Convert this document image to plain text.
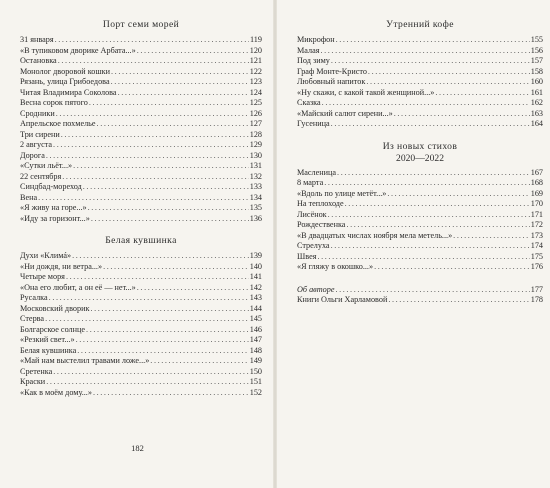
Порт семи морей
31 января .....	119
«В тупиковом дворике Арбата...» .....	120
Остановка .....	121
Монолог дворовой кошки .....	122
Рязань, улица Грибоедова .....	123
Читая Владимира Соколова .....	124
Весна сорок пятого .....	125
Сродники .....	126
Апрельское похмелье .....	127
Три сирени .....	128
2 августа .....	129
Дорога .....	130
«Сутки льёт...» .....	131
22 сентября .....	132
Синдбад-мореход .....	133
Вена .....	134
«Я живу на горе...» .....	135
«Иду за горизонт...» .....	136
Белая кувшинка
Духи «Климá» .....	139
«Ни дождя, ни ветра...» .....	140
Четыре моря .....	141
«Она его любит, а он её — нет...» .....	142
Русалка .....	143
Московский дворик .....	144
Стерва .....	145
Болгарское солнце .....	146
«Резкий свет...» .....	147
Белая кувшинка .....	148
«Май нам выстелил травами ложе...» .....	149
Сретенка .....	150
Краски .....	151
«Как в моём дому...» .....	152
182
Утренний кофе
Микрофон .....	155
Малая .....	156
Под зиму .....	157
Граф Монте-Кристо .....	158
Любовный напиток .....	160
«Ну скажи, с какой такой женщиной...» .....	161
Сказка .....	162
«Майский салют сирени...» .....	163
Гусеница .....	164
Из новых стихов
2020—2022
Масленица .....	167
8 марта .....	168
«Вдоль по улице метёт...» .....	169
На теплоходе .....	170
Лисёнок .....	171
Рождественка .....	172
«В двадцатых числах ноября мела метель...» .....	173
Стрелуха .....	174
Швея .....	175
«Я гляжу в окошко...» .....	176
Об авторе .....	177
Книги Ольги Харламовой .....	178
